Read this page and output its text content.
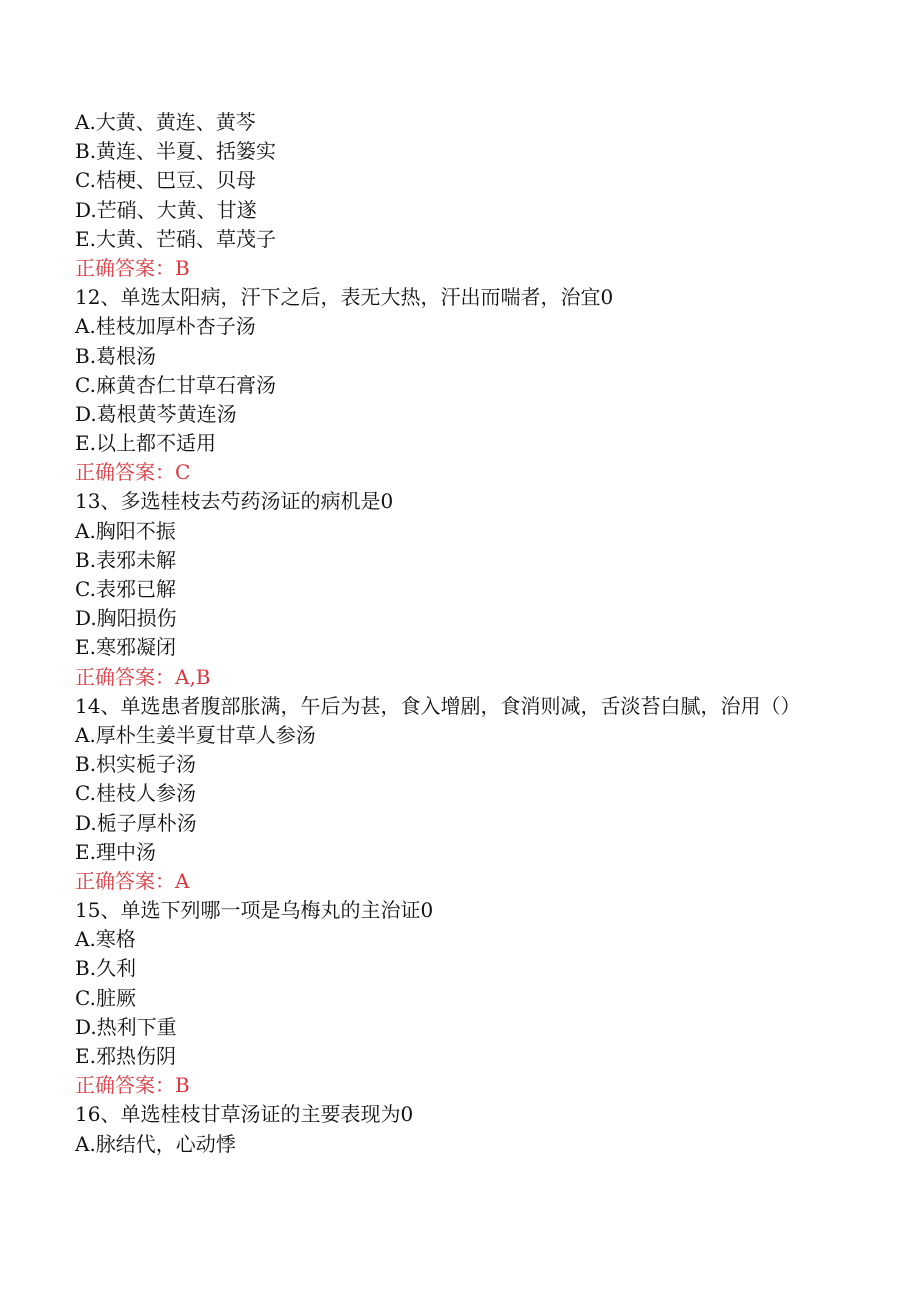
A.大黄、黄连、黄芩
B.黄连、半夏、括篓实
C.桔梗、巴豆、贝母
D.芒硝、大黄、甘遂
E.大黄、芒硝、草茂子
正确答案：B
12、单选太阳病，汗下之后，表无大热，汗出而喘者，治宜0
A.桂枝加厚朴杏子汤
B.葛根汤
C.麻黄杏仁甘草石膏汤
D.葛根黄芩黄连汤
E.以上都不适用
正确答案：C
13、多选桂枝去芍药汤证的病机是0
A.胸阳不振
B.表邪未解
C.表邪已解
D.胸阳损伤
E.寒邪凝闭
正确答案：A,B
14、单选患者腹部胀满，午后为甚，食入增剧，食消则减，舌淡苔白腻，治用（）
A.厚朴生姜半夏甘草人参汤
B.枳实栀子汤
C.桂枝人参汤
D.栀子厚朴汤
E.理中汤
正确答案：A
15、单选下列哪一项是乌梅丸的主治证0
A.寒格
B.久利
C.脏厥
D.热利下重
E.邪热伤阴
正确答案：B
16、单选桂枝甘草汤证的主要表现为0
A.脉结代，心动悸
